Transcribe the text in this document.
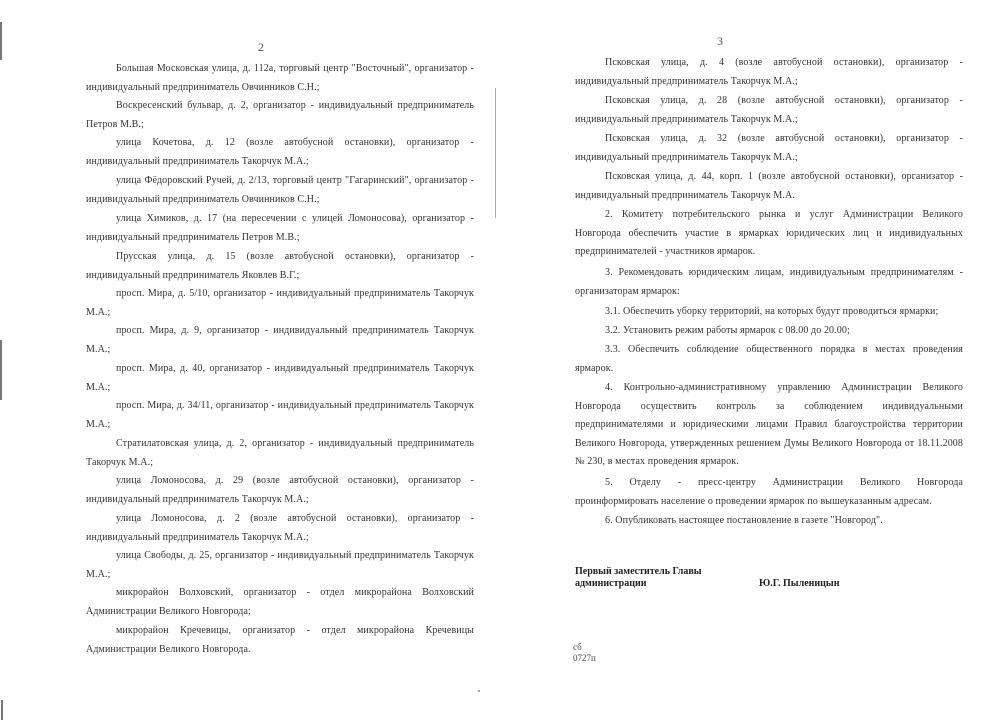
2
Большая Московская улица, д. 112а, торговый центр "Восточный", организатор - индивидуальный предприниматель Овчинников С.Н.;
Воскресенский бульвар, д. 2, организатор - индивидуальный предприниматель Петров М.В.;
улица Кочетова, д. 12 (возле автобусной остановки), организатор - индивидуальный предприниматель Такорчук М.А.;
улица Фёдоровский Ручей, д. 2/13, торговый центр "Гагаринский", организатор - индивидуальный предприниматель Овчинников С.Н.;
улица Химиков, д. 17 (на пересечении с улицей Ломоносова), организатор - индивидуальный предприниматель Петров М.В.;
Прусская улица, д. 15 (возле автобусной остановки), организатор - индивидуальный предприниматель Яковлев В.Г.;
просп. Мира, д. 5/10, организатор - индивидуальный предприниматель Такорчук М.А.;
просп. Мира, д. 9, организатор - индивидуальный предприниматель Такорчук М.А.;
просп. Мира, д. 40, организатор - индивидуальный предприниматель Такорчук М.А.;
просп. Мира, д. 34/11, организатор - индивидуальный предприниматель Такорчук М.А.;
Стратилатовская улица, д. 2, организатор - индивидуальный предприниматель Такорчук М.А.;
улица Ломоносова, д. 29 (возле автобусной остановки), организатор - индивидуальный предприниматель Такорчук М.А.;
улица Ломоносова, д. 2 (возле автобусной остановки), организатор - индивидуальный предприниматель Такорчук М.А.;
улица Свободы, д. 25, организатор - индивидуальный предприниматель Такорчук М.А.;
микрорайон Волховский, организатор - отдел микрорайона Волховский Администрации Великого Новгорода;
микрорайон Кречевицы, организатор - отдел микрорайона Кречевицы Администрации Великого Новгорода.
3
Псковская улица, д. 4 (возле автобусной остановки), организатор - индивидуальный предприниматель Такорчук М.А.;
Псковская улица, д. 28 (возле автобусной остановки), организатор - индивидуальный предприниматель Такорчук М.А.;
Псковская улица, д. 32 (возле автобусной остановки), организатор - индивидуальный предприниматель Такорчук М.А.;
Псковская улица, д. 44, корп. 1 (возле автобусной остановки), организатор - индивидуальный предприниматель Такорчук М.А.
2. Комитету потребительского рынка и услуг Администрации Великого Новгорода обеспечить участие в ярмарках юридических лиц и индивидуальных предпринимателей - участников ярмарок.
3. Рекомендовать юридическим лицам, индивидуальным предпринимателям - организаторам ярмарок:
3.1. Обеспечить уборку территорий, на которых будут проводиться ярмарки;
3.2. Установить режим работы ярмарок с 08.00 до 20.00;
3.3. Обеспечить соблюдение общественного порядка в местах проведения ярмарок.
4. Контрольно-административному управлению Администрации Великого Новгорода осуществить контроль за соблюдением индивидуальными предпринимателями и юридическими лицами Правил благоустройства территории Великого Новгорода, утвержденных решением Думы Великого Новгорода от 18.11.2008 № 230, в местах проведения ярмарок.
5. Отделу - пресс-центру Администрации Великого Новгорода проинформировать население о проведении ярмарок по вышеуказанным адресам.
6. Опубликовать настоящее постановление в газете "Новгород".
Первый заместитель Главы
администрации	Ю.Г. Пыленицын
сб
0727п
